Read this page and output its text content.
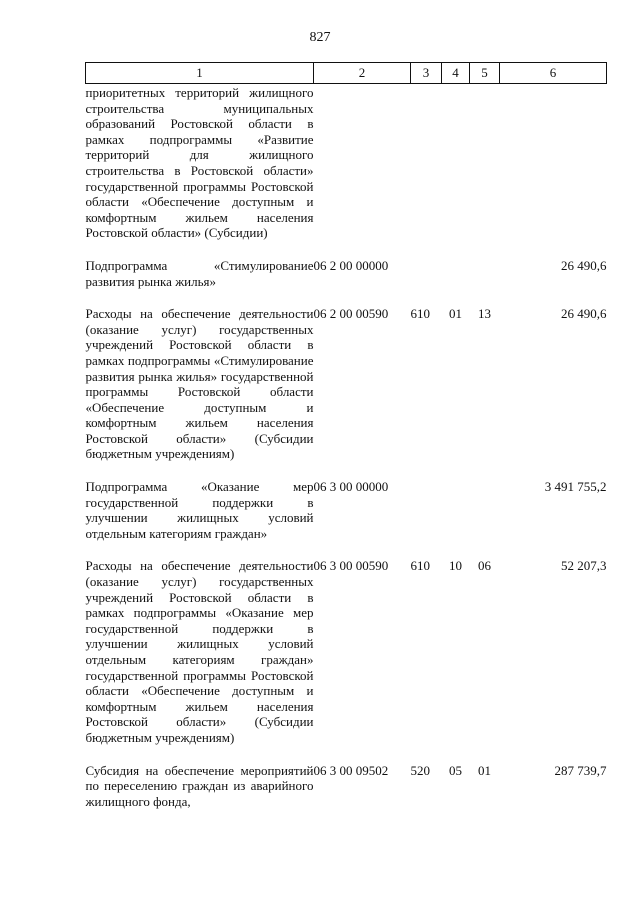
827
1	2	3	4	5	6
приоритетных территорий жилищного строительства муниципальных образований Ростовской области в рамках подпрограммы «Развитие территорий для жилищного строительства в Ростовской области» государственной программы Ростовской области «Обеспечение доступным и комфортным жильем населения Ростовской области» (Субсидии)					

Подпрограмма «Стимулирование развития рынка жилья»	06 2 00 00000				26 490,6

Расходы на обеспечение деятельности (оказание услуг) государственных учреждений Ростовской области в рамках подпрограммы «Стимулирование развития рынка жилья» государственной программы Ростовской области «Обеспечение доступным и комфортным жильем населения Ростовской области» (Субсидии бюджетным учреждениям)	06 2 00 00590	610	01	13	26 490,6

Подпрограмма «Оказание мер государственной поддержки в улучшении жилищных условий отдельным категориям граждан»	06 3 00 00000				3 491 755,2

Расходы на обеспечение деятельности (оказание услуг) государственных учреждений Ростовской области в рамках подпрограммы «Оказание мер государственной поддержки в улучшении жилищных условий отдельным категориям граждан» государственной программы Ростовской области «Обеспечение доступным и комфортным жильем населения Ростовской области» (Субсидии бюджетным учреждениям)	06 3 00 00590	610	10	06	52 207,3

Субсидия на обеспечение мероприятий по переселению граждан из аварийного жилищного фонда,	06 3 00 09502	520	05	01	287 739,7
